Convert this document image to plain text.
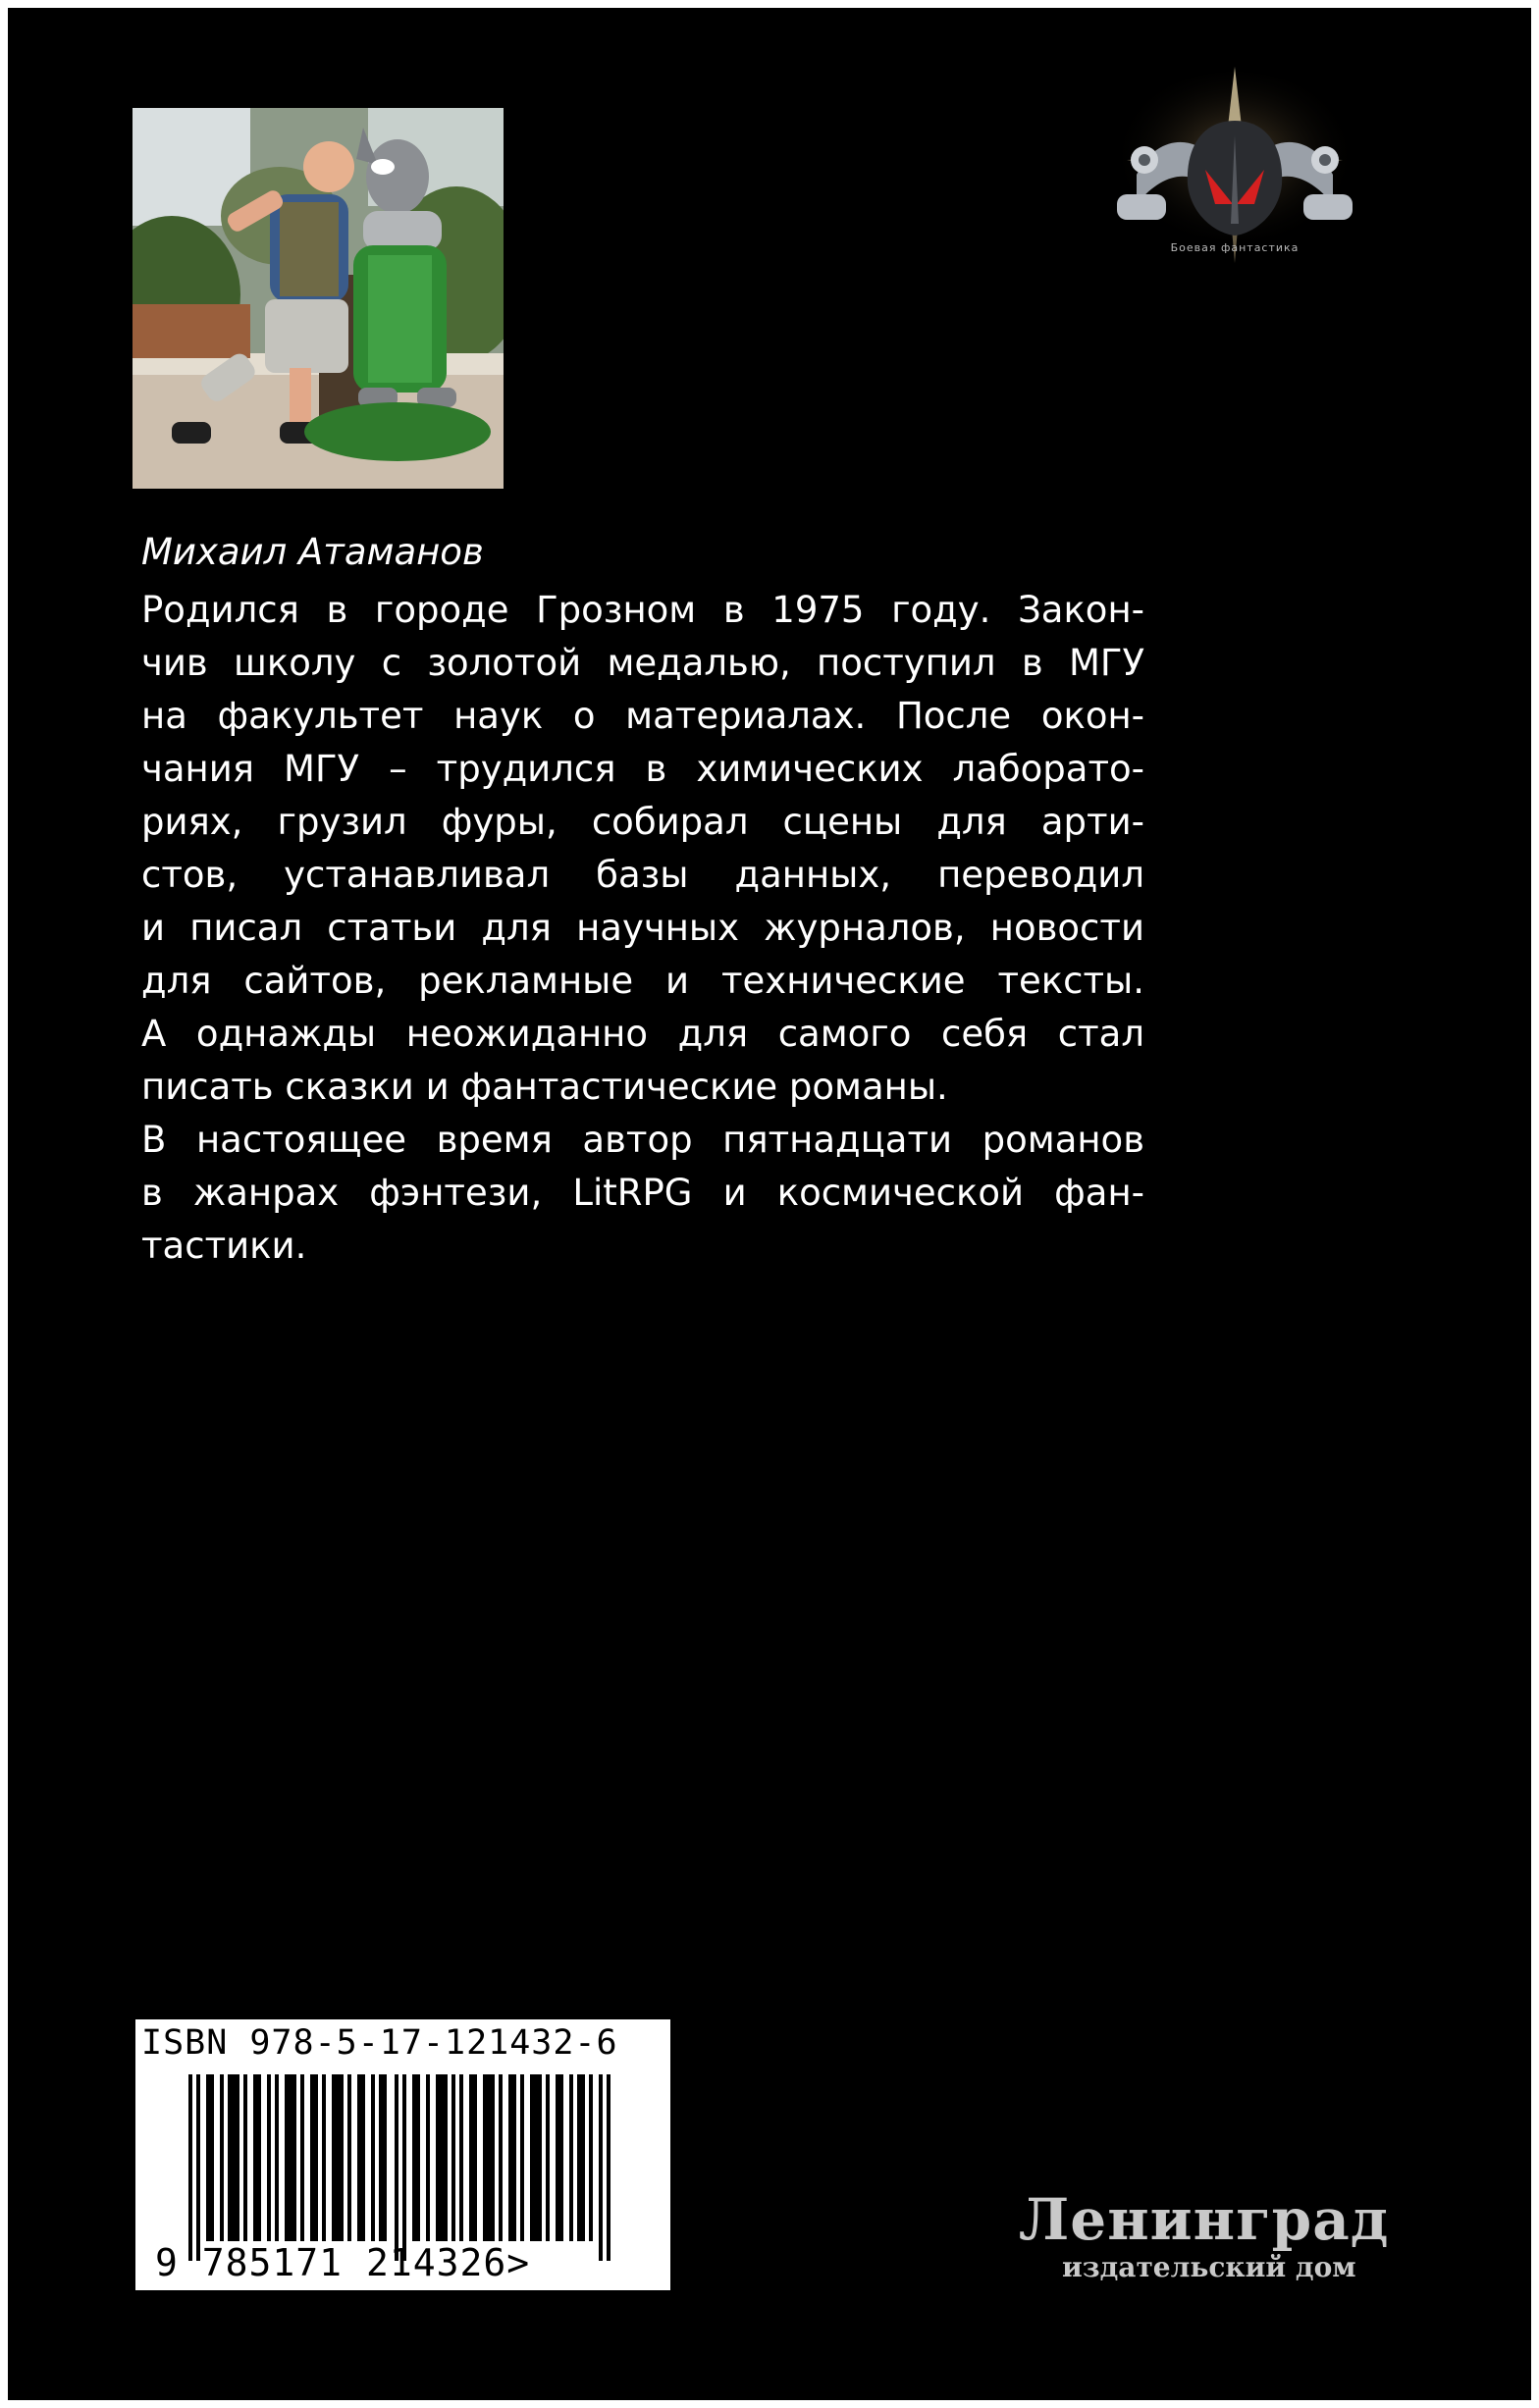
Боевая фантастика
Михаил Атаманов
Родился в городе Грозном в 1975 году. Закон-
чив школу с золотой медалью, поступил в МГУ
на факультет наук о материалах. После окон-
чания МГУ – трудился в химических лаборато-
риях, грузил фуры, собирал сцены для арти-
стов, устанавливал базы данных, переводил
и писал статьи для научных журналов, новости
для сайтов, рекламные и технические тексты.
А однажды неожиданно для самого себя стал
писать сказки и фантастические романы.
В настоящее время автор пятнадцати романов
в жанрах фэнтези, LitRPG и космической фан-
тастики.
ISBN 978-5-17-121432-6
9 785171 214326>
Ленинград
издательский дом
